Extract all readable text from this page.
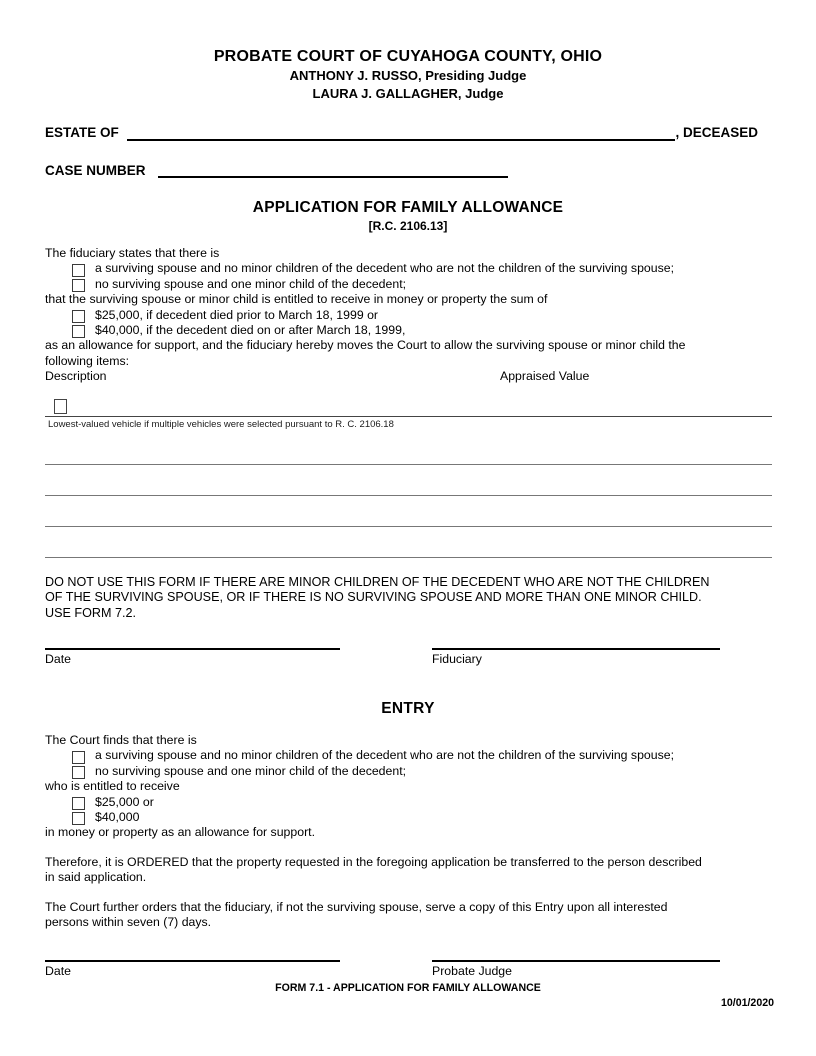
PROBATE COURT OF CUYAHOGA COUNTY, OHIO
ANTHONY J. RUSSO, Presiding Judge
LAURA J. GALLAGHER, Judge
ESTATE OF	, DECEASED
CASE NUMBER
APPLICATION FOR FAMILY ALLOWANCE
[R.C. 2106.13]
The fiduciary states that there is
a surviving spouse and no minor children of the decedent who are not the children of the surviving spouse;
no surviving spouse and one minor child of the decedent;
that the surviving spouse or minor child is entitled to receive in money or property the sum of
$25,000, if decedent died prior to March 18, 1999 or
$40,000, if the decedent died on or after March 18, 1999,
as an allowance for support, and the fiduciary hereby moves the Court to allow the surviving spouse or minor child the
following items:
Description	Appraised Value
Lowest-valued vehicle if multiple vehicles were selected pursuant to R. C. 2106.18
DO NOT USE THIS FORM IF THERE ARE MINOR CHILDREN OF THE DECEDENT WHO ARE NOT THE CHILDREN
OF THE SURVIVING SPOUSE, OR IF THERE IS NO SURVIVING SPOUSE AND MORE THAN ONE MINOR CHILD.
USE FORM 7.2.
Date	Fiduciary
ENTRY
The Court finds that there is
a surviving spouse and no minor children of the decedent who are not the children of the surviving spouse;
no surviving spouse and one minor child of the decedent;
who is entitled to receive
$25,000 or
$40,000
in money or property as an allowance for support.
Therefore, it is ORDERED that the property requested in the foregoing application be transferred to the person described
in said application.
The Court further orders that the fiduciary, if not the surviving spouse, serve a copy of this Entry upon all interested
persons within seven (7) days.
Date	Probate Judge
FORM 7.1 - APPLICATION FOR FAMILY ALLOWANCE
10/01/2020
